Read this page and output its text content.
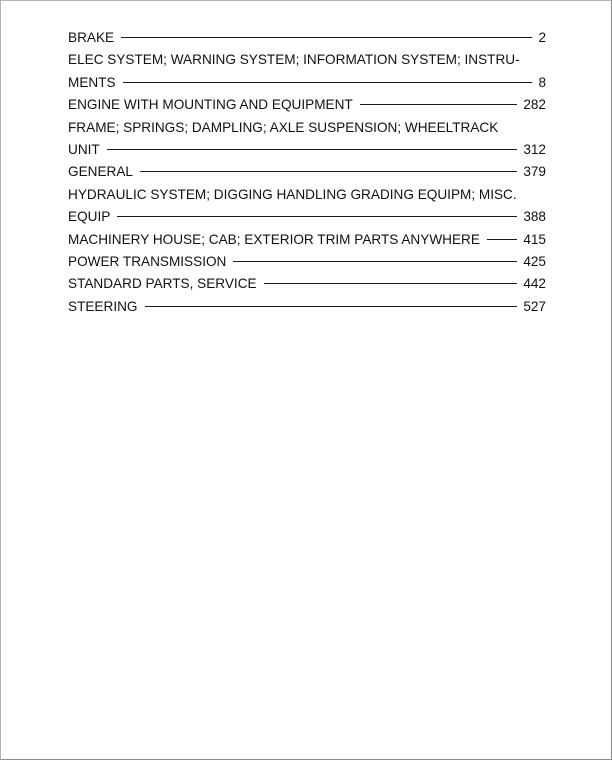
BRAKE	2
ELEC SYSTEM; WARNING SYSTEM; INFORMATION SYSTEM; INSTRU-
MENTS	8
ENGINE WITH MOUNTING AND EQUIPMENT	282
FRAME; SPRINGS; DAMPLING; AXLE SUSPENSION; WHEELTRACK
UNIT	312
GENERAL	379
HYDRAULIC SYSTEM; DIGGING HANDLING GRADING EQUIPM; MISC.
EQUIP	388
MACHINERY HOUSE; CAB; EXTERIOR TRIM PARTS ANYWHERE	415
POWER TRANSMISSION	425
STANDARD PARTS, SERVICE	442
STEERING	527
